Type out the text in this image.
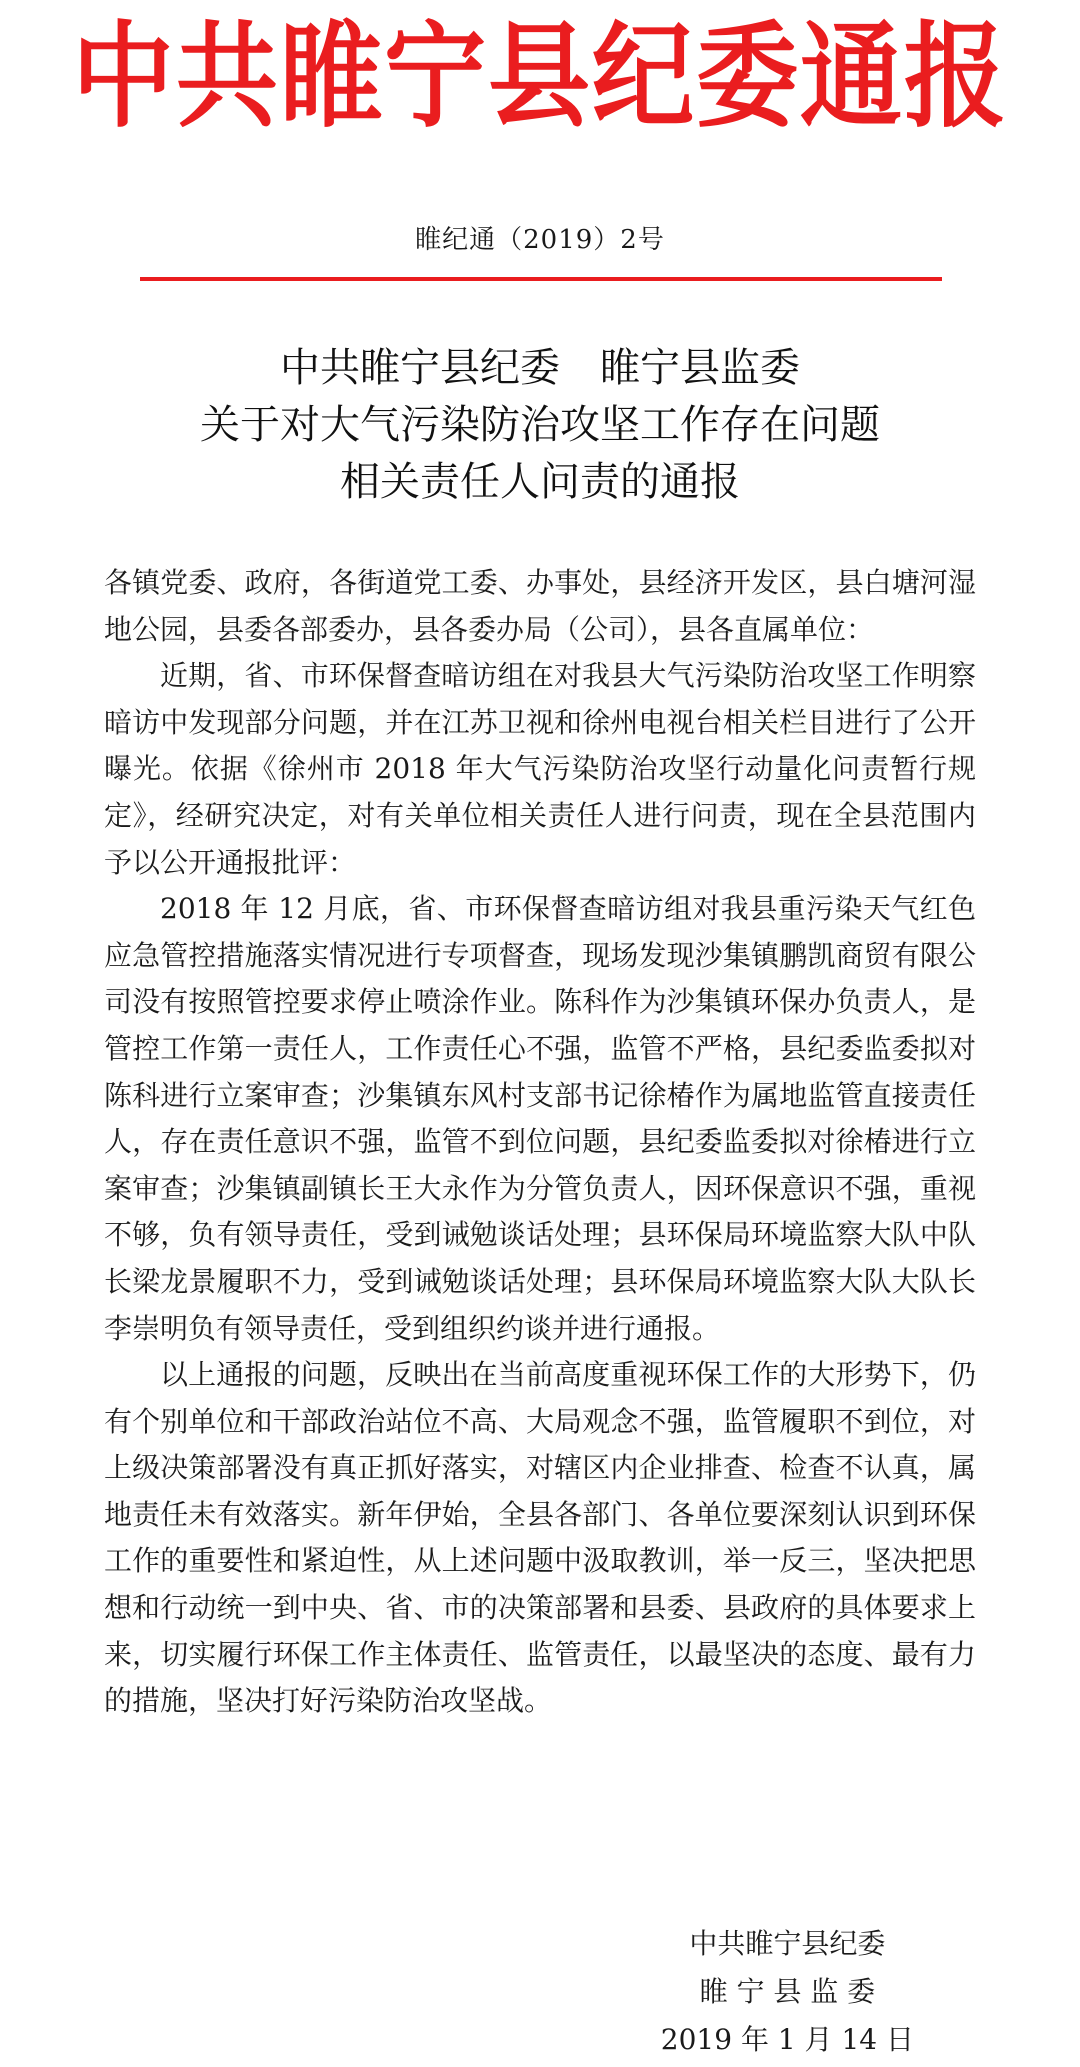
中共睢宁县纪委通报
睢纪通（2019）2号
中共睢宁县纪委　睢宁县监委
关于对大气污染防治攻坚工作存在问题
相关责任人问责的通报

各镇党委、政府，各街道党工委、办事处，县经济开发区，县白塘河湿地公园，县委各部委办，县各委办局（公司），县各直属单位：

近期，省、市环保督查暗访组在对我县大气污染防治攻坚工作明察暗访中发现部分问题，并在江苏卫视和徐州电视台相关栏目进行了公开曝光。依据《徐州市 2018 年大气污染防治攻坚行动量化问责暂行规定》，经研究决定，对有关单位相关责任人进行问责，现在全县范围内予以公开通报批评：

2018 年 12 月底，省、市环保督查暗访组对我县重污染天气红色应急管控措施落实情况进行专项督查，现场发现沙集镇鹏凯商贸有限公司没有按照管控要求停止喷涂作业。陈科作为沙集镇环保办负责人，是管控工作第一责任人，工作责任心不强，监管不严格，县纪委监委拟对陈科进行立案审查；沙集镇东风村支部书记徐椿作为属地监管直接责任人，存在责任意识不强，监管不到位问题，县纪委监委拟对徐椿进行立案审查；沙集镇副镇长王大永作为分管负责人，因环保意识不强，重视不够，负有领导责任，受到诫勉谈话处理；县环保局环境监察大队中队长梁龙景履职不力，受到诫勉谈话处理；县环保局环境监察大队大队长李崇明负有领导责任，受到组织约谈并进行通报。

以上通报的问题，反映出在当前高度重视环保工作的大形势下，仍有个别单位和干部政治站位不高、大局观念不强，监管履职不到位，对上级决策部署没有真正抓好落实，对辖区内企业排查、检查不认真，属地责任未有效落实。新年伊始，全县各部门、各单位要深刻认识到环保工作的重要性和紧迫性，从上述问题中汲取教训，举一反三，坚决把思想和行动统一到中央、省、市的决策部署和县委、县政府的具体要求上来，切实履行环保工作主体责任、监管责任，以最坚决的态度、最有力的措施，坚决打好污染防治攻坚战。

中共睢宁县纪委
睢 宁 县 监 委
2019 年 1 月 14 日
